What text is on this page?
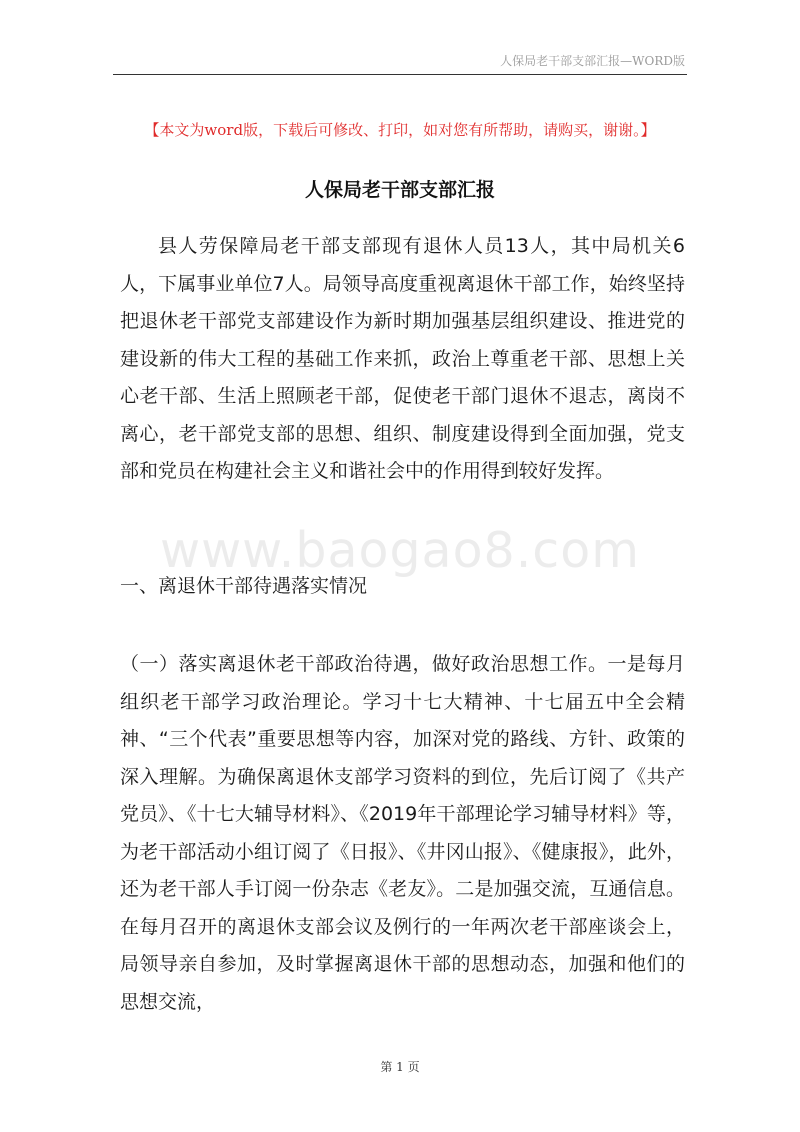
人保局老干部支部汇报—WORD版
【本文为word版，下载后可修改、打印，如对您有所帮助，请购买，谢谢。】
人保局老干部支部汇报

县人劳保障局老干部支部现有退休人员13人，其中局机关6人，下属事业单位7人。局领导高度重视离退休干部工作，始终坚持把退休老干部党支部建设作为新时期加强基层组织建设、推进党的建设新的伟大工程的基础工作来抓，政治上尊重老干部、思想上关心老干部、生活上照顾老干部，促使老干部门退休不退志，离岗不离心，老干部党支部的思想、组织、制度建设得到全面加强，党支部和党员在构建社会主义和谐社会中的作用得到较好发挥。

www.baogao8.com

一、离退休干部待遇落实情况

（一）落实离退休老干部政治待遇，做好政治思想工作。一是每月组织老干部学习政治理论。学习十七大精神、十七届五中全会精神、“三个代表”重要思想等内容，加深对党的路线、方针、政策的深入理解。为确保离退休支部学习资料的到位，先后订阅了《共产党员》、《十七大辅导材料》、《2019年干部理论学习辅导材料》等，为老干部活动小组订阅了《日报》、《井冈山报》、《健康报》，此外，还为老干部人手订阅一份杂志《老友》。二是加强交流，互通信息。在每月召开的离退休支部会议及例行的一年两次老干部座谈会上，局领导亲自参加，及时掌握离退休干部的思想动态，加强和他们的思想交流，

第 1 页
